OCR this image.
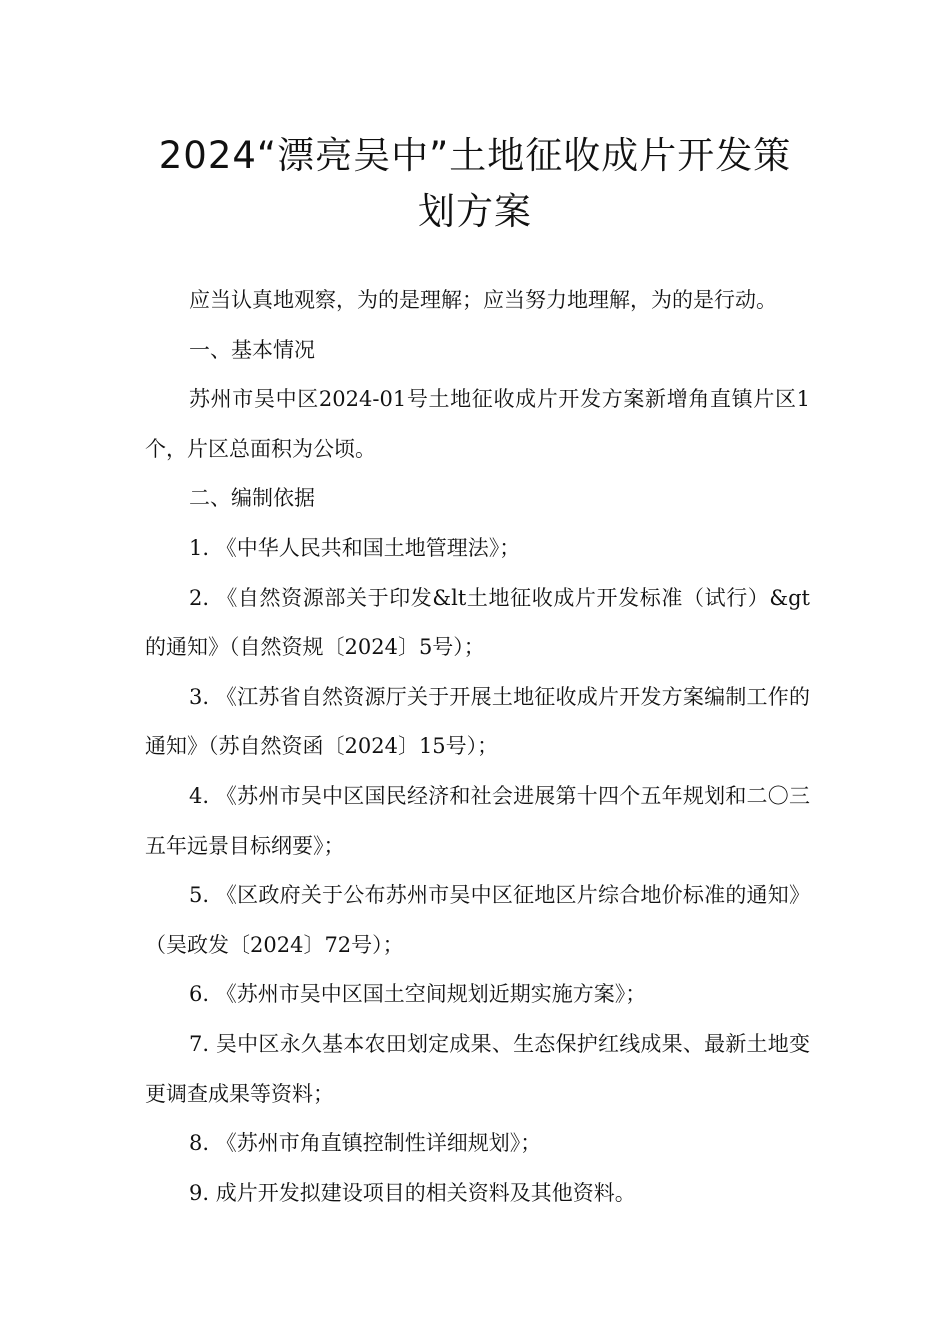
2024“漂亮吴中”土地征收成片开发策
划方案

应当认真地观察，为的是理解；应当努力地理解，为的是行动。

一、基本情况

苏州市吴中区2024-01号土地征收成片开发方案新增角直镇片区1个，片区总面积为公顷。

二、编制依据

1. 《中华人民共和国土地管理法》；

2. 《自然资源部关于印发&lt土地征收成片开发标准（试行）&gt的通知》（自然资规〔2024〕5号）；

3. 《江苏省自然资源厅关于开展土地征收成片开发方案编制工作的通知》（苏自然资函〔2024〕15号）；

4. 《苏州市吴中区国民经济和社会进展第十四个五年规划和二〇三五年远景目标纲要》；

5. 《区政府关于公布苏州市吴中区征地区片综合地价标准的通知》（吴政发〔2024〕72号）；

6. 《苏州市吴中区国土空间规划近期实施方案》；

7. 吴中区永久基本农田划定成果、生态保护红线成果、最新土地变更调查成果等资料；

8. 《苏州市角直镇控制性详细规划》；

9. 成片开发拟建设项目的相关资料及其他资料。
